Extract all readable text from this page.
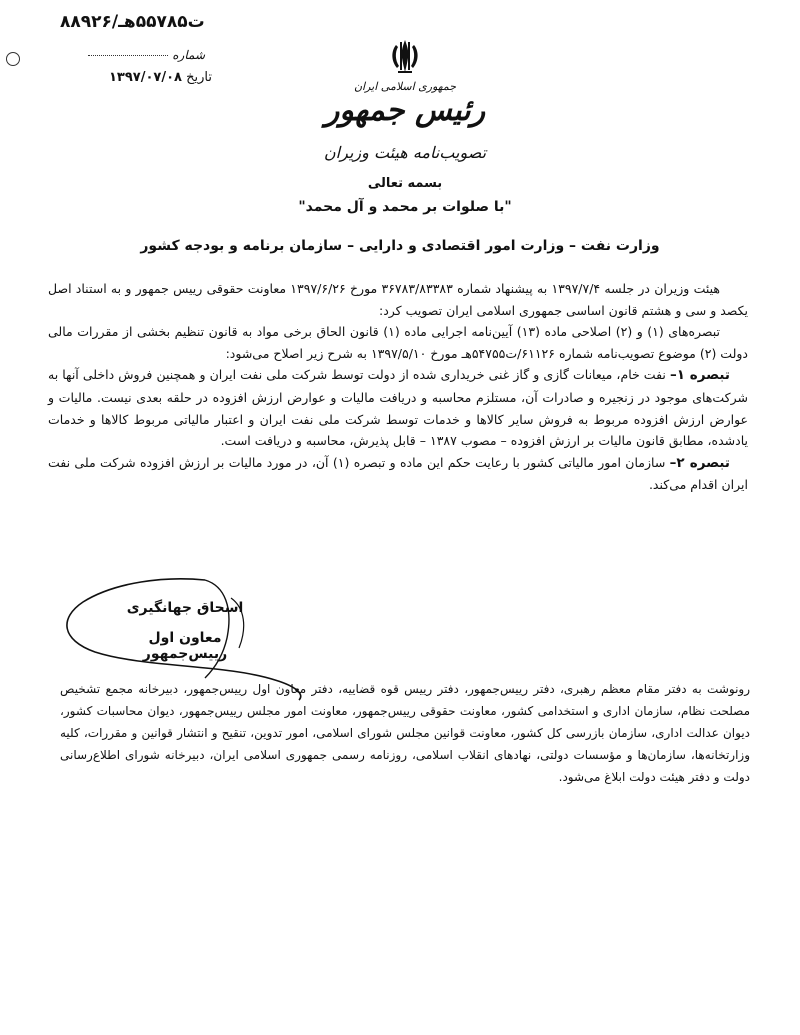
۸۸۹۲۶/ت۵۵۷۸۵هـ
شماره
تاریخ ۱۳۹۷/۰۷/۰۸
جمهوری اسلامی ایران
رئیس جمهور
تصویب‌نامه هیئت وزیران
بسمه تعالی
"با صلوات بر محمد و آل محمد"
وزارت نفت – وزارت امور اقتصادی و دارایی – سازمان برنامه و بودجه کشور

هیئت وزیران در جلسه ۱۳۹۷/۷/۴ به پیشنهاد شماره ۳۶۷۸۳/۸۳۳۸۳ مورخ ۱۳۹۷/۶/۲۶ معاونت حقوقی رییس جمهور و به استناد اصل یکصد و سی و هشتم قانون اساسی جمهوری اسلامی ایران تصویب کرد:

تبصره‌های (۱) و (۲) اصلاحی ماده (۱۳) آیین‌نامه اجرایی ماده (۱) قانون الحاق برخی مواد به قانون تنظیم بخشی از مقررات مالی دولت (۲) موضوع تصویب‌نامه شماره ۶۱۱۲۶/ت۵۴۷۵۵هـ مورخ ۱۳۹۷/۵/۱۰ به شرح زیر اصلاح می‌شود:

تبصره ۱– نفت خام، میعانات گازی و گاز غنی خریداری شده از دولت توسط شرکت ملی نفت ایران و همچنین فروش داخلی آنها به شرکت‌های موجود در زنجیره و صادرات آن، مستلزم محاسبه و دریافت مالیات و عوارض ارزش افزوده در حلقه بعدی نیست. مالیات و عوارض ارزش افزوده مربوط به فروش سایر کالاها و خدمات توسط شرکت ملی نفت ایران و اعتبار مالیاتی مربوط کالاها و خدمات یادشده، مطابق قانون مالیات بر ارزش افزوده – مصوب ۱۳۸۷ – قابل پذیرش، محاسبه و دریافت است.

تبصره ۲– سازمان امور مالیاتی کشور با رعایت حکم این ماده و تبصره (۱) آن، در مورد مالیات بر ارزش افزوده شرکت ملی نفت ایران اقدام می‌کند.

اسحاق جهانگیری
معاون اول رییس‌جمهور

رونوشت به دفتر مقام معظم رهبری، دفتر رییس‌جمهور، دفتر رییس قوه قضاییه، دفتر معاون اول رییس‌جمهور، دبیرخانه مجمع تشخیص مصلحت نظام، سازمان اداری و استخدامی کشور، معاونت حقوقی رییس‌جمهور، معاونت امور مجلس رییس‌جمهور، دیوان محاسبات کشور، دیوان عدالت اداری، سازمان بازرسی کل کشور، معاونت قوانین مجلس شورای اسلامی، امور تدوین، تنقیح و انتشار قوانین و مقررات، کلیه وزارتخانه‌ها، سازمان‌ها و مؤسسات دولتی، نهادهای انقلاب اسلامی، روزنامه رسمی جمهوری اسلامی ایران، دبیرخانه شورای اطلاع‌رسانی دولت و دفتر هیئت دولت ابلاغ می‌شود.
